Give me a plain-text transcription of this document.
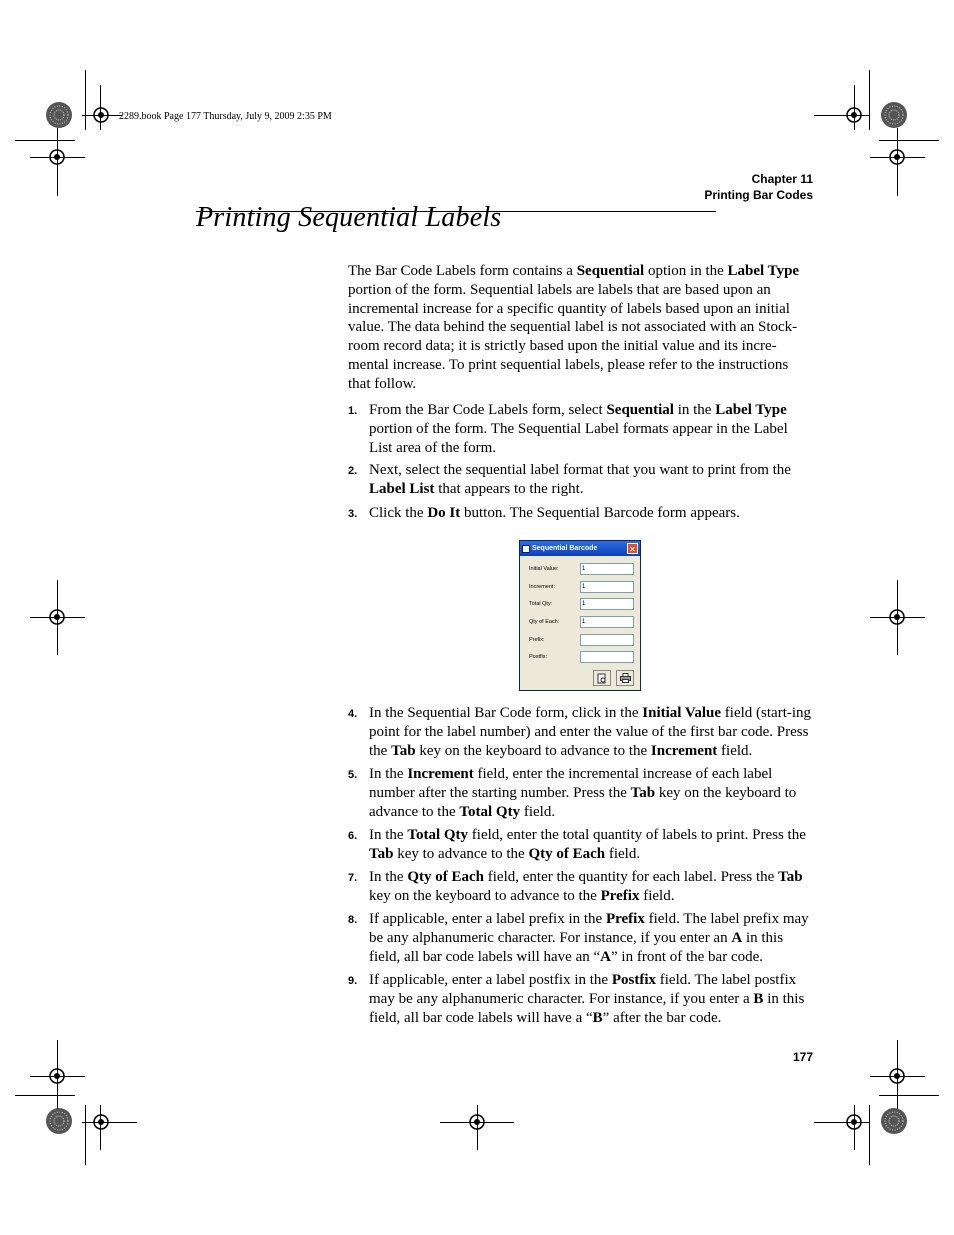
2289.book Page 177 Thursday, July 9, 2009 2:35 PM
Chapter 11
Printing Bar Codes
Printing Sequential Labels
The Bar Code Labels form contains a Sequential option in the Label Type portion of the form. Sequential labels are labels that are based upon an incremental increase for a specific quantity of labels based upon an initial value. The data behind the sequential label is not associated with an Stock-room record data; it is strictly based upon the initial value and its incre-mental increase. To print sequential labels, please refer to the instructions that follow.
1. From the Bar Code Labels form, select Sequential in the Label Type portion of the form. The Sequential Label formats appear in the Label List area of the form.
2. Next, select the sequential label format that you want to print from the Label List that appears to the right.
3. Click the Do It button. The Sequential Barcode form appears.
Sequential Barcode	✕
Initial Value:	1
Increment:	1
Total Qty:	1
Qty of Each:	1
Prefix:
Postfix:
4. In the Sequential Bar Code form, click in the Initial Value field (start-ing point for the label number) and enter the value of the first bar code. Press the Tab key on the keyboard to advance to the Increment field.
5. In the Increment field, enter the incremental increase of each label number after the starting number. Press the Tab key on the keyboard to advance to the Total Qty field.
6. In the Total Qty field, enter the total quantity of labels to print. Press the Tab key to advance to the Qty of Each field.
7. In the Qty of Each field, enter the quantity for each label. Press the Tab key on the keyboard to advance to the Prefix field.
8. If applicable, enter a label prefix in the Prefix field. The label prefix may be any alphanumeric character. For instance, if you enter an A in this field, all bar code labels will have an “A” in front of the bar code.
9. If applicable, enter a label postfix in the Postfix field. The label postfix may be any alphanumeric character. For instance, if you enter a B in this field, all bar code labels will have a “B” after the bar code.
177
